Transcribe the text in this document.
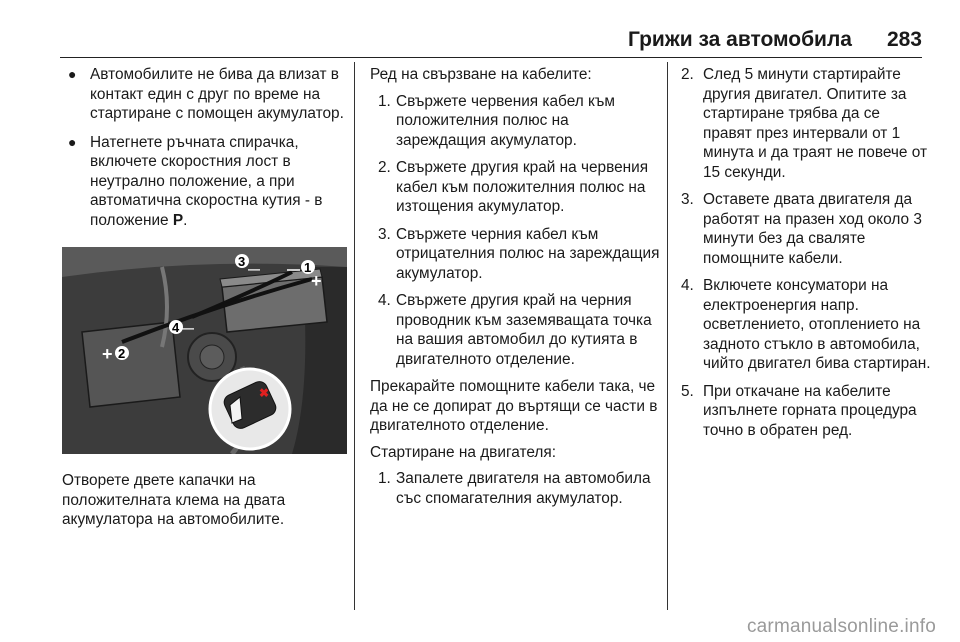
Грижи за автомобила 283

● Автомобилите не бива да влизат в контакт един с друг по време на стартиране с помощен акумулатор.

● Натегнете ръчната спирачка, включете скоростния лост в неутрално положение, а при автоматична скоростна кутия - в положение P.

✖
1
+
3 —
4 —
+ 2

Отворете двете капачки на положителната клема на двата акумулатора на автомобилите.

Ред на свързване на кабелите:

1. Свържете червения кабел към положителния полюс на зареждащия акумулатор.

2. Свържете другия край на червения кабел към положителния полюс на изтощения акумулатор.

3. Свържете черния кабел към отрицателния полюс на зареждащия акумулатор.

4. Свържете другия край на черния проводник към заземяващата точка на вашия автомобил до кутията в двигателното отделение.

Прекарайте помощните кабели така, че да не се допират до въртящи се части в двигателното отделение.

Стартиране на двигателя:

1. Запалете двигателя на автомобила със спомагателния акумулатор.

2. След 5 минути стартирайте другия двигател. Опитите за стартиране трябва да се правят през интервали от 1 минута и да траят не повече от 15 секунди.

3. Оставете двата двигателя да работят на празен ход около 3 минути без да сваляте помощните кабели.

4. Включете консуматори на електроенергия напр. осветлението, отоплението на задното стъкло в автомобила, чийто двигател бива стартиран.

5. При откачане на кабелите изпълнете горната процедура точно в обратен ред.

carmanualsonline.info
